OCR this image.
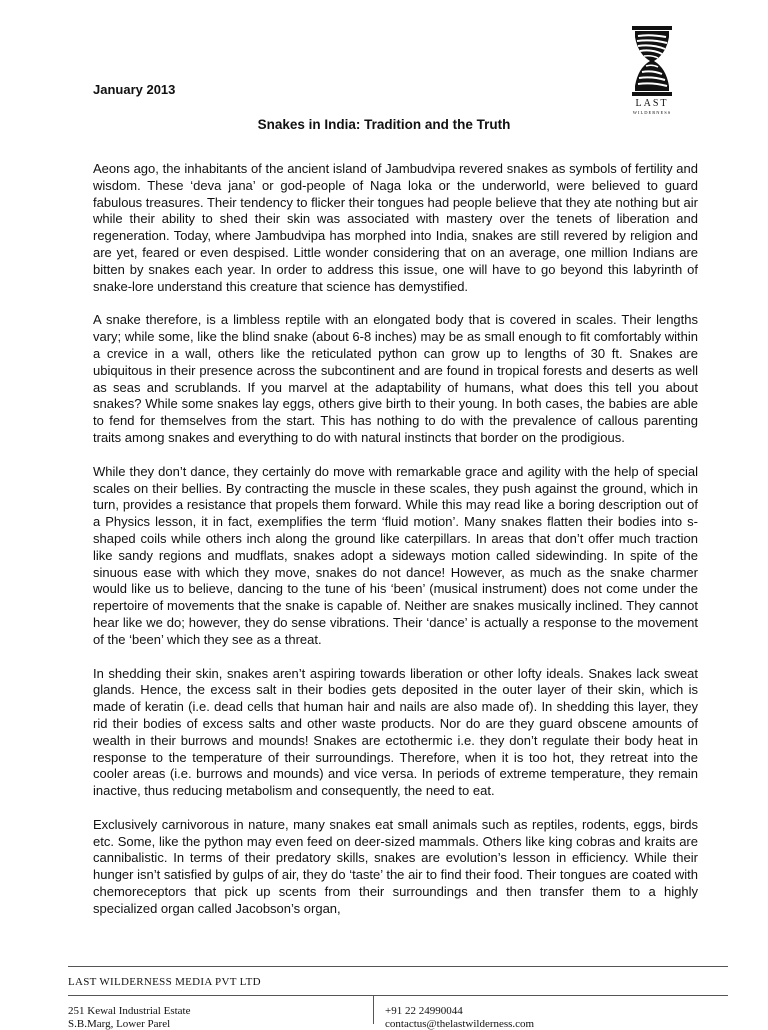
LAST
WILDERNESS
January 2013
Snakes in India: Tradition and the Truth

Aeons ago, the inhabitants of the ancient island of Jambudvipa revered snakes as symbols of fertility and wisdom. These ‘deva jana’ or god-people of Naga loka or the underworld, were believed to guard fabulous treasures. Their tendency to flicker their tongues had people believe that they ate nothing but air while their ability to shed their skin was associated with mastery over the tenets of liberation and regeneration. Today, where Jambudvipa has morphed into India, snakes are still revered by religion and are yet, feared or even despised. Little wonder considering that on an average, one million Indians are bitten by snakes each year. In order to address this issue, one will have to go beyond this labyrinth of snake-lore understand this creature that science has demystified.

A snake therefore, is a limbless reptile with an elongated body that is covered in scales. Their lengths vary; while some, like the blind snake (about 6-8 inches) may be as small enough to fit comfortably within a crevice in a wall, others like the reticulated python can grow up to lengths of 30 ft. Snakes are ubiquitous in their presence across the subcontinent and are found in tropical forests and deserts as well as seas and scrublands. If you marvel at the adaptability of humans, what does this tell you about snakes? While some snakes lay eggs, others give birth to their young. In both cases, the babies are able to fend for themselves from the start. This has nothing to do with the prevalence of callous parenting traits among snakes and everything to do with natural instincts that border on the prodigious.

While they don’t dance, they certainly do move with remarkable grace and agility with the help of special scales on their bellies. By contracting the muscle in these scales, they push against the ground, which in turn, provides a resistance that propels them forward. While this may read like a boring description out of a Physics lesson, it in fact, exemplifies the term ‘fluid motion’. Many snakes flatten their bodies into s-shaped coils while others inch along the ground like caterpillars. In areas that don’t offer much traction like sandy regions and mudflats, snakes adopt a sideways motion called sidewinding. In spite of the sinuous ease with which they move, snakes do not dance! However, as much as the snake charmer would like us to believe, dancing to the tune of his ‘been’ (musical instrument) does not come under the repertoire of movements that the snake is capable of. Neither are snakes musically inclined. They cannot hear like we do; however, they do sense vibrations. Their ‘dance’ is actually a response to the movement of the ‘been’ which they see as a threat.

In shedding their skin, snakes aren’t aspiring towards liberation or other lofty ideals. Snakes lack sweat glands. Hence, the excess salt in their bodies gets deposited in the outer layer of their skin, which is made of keratin (i.e. dead cells that human hair and nails are also made of). In shedding this layer, they rid their bodies of excess salts and other waste products. Nor do are they guard obscene amounts of wealth in their burrows and mounds! Snakes are ectothermic i.e. they don’t regulate their body heat in response to the temperature of their surroundings. Therefore, when it is too hot, they retreat into the cooler areas (i.e. burrows and mounds) and vice versa. In periods of extreme temperature, they remain inactive, thus reducing metabolism and consequently, the need to eat.

Exclusively carnivorous in nature, many snakes eat small animals such as reptiles, rodents, eggs, birds etc. Some, like the python may even feed on deer-sized mammals. Others like king cobras and kraits are cannibalistic. In terms of their predatory skills, snakes are evolution’s lesson in efficiency. While their hunger isn’t satisfied by gulps of air, they do ‘taste’ the air to find their food. Their tongues are coated with chemoreceptors that pick up scents from their surroundings and then transfer them to a highly specialized organ called Jacobson’s organ,

LAST WILDERNESS MEDIA PVT LTD
251 Kewal Industrial Estate
S.B.Marg, Lower Parel
+91 22 24990044
contactus@thelastwilderness.com
